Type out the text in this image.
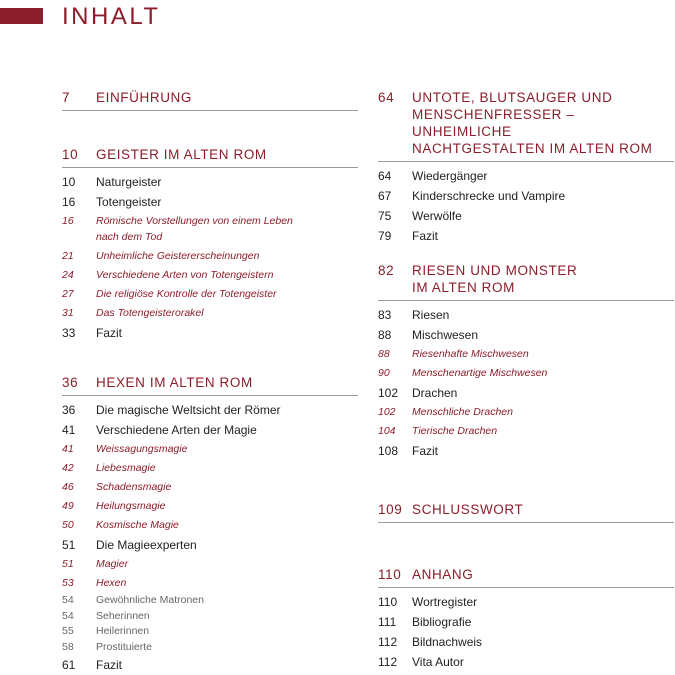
INHALT
7	EINFÜHRUNG
10	GEISTER IM ALTEN ROM
10	Naturgeister
16	Totengeister
16	Römische Vorstellungen von einem Leben
nach dem Tod
21	Unheimliche Geistererscheinungen
24	Verschiedene Arten von Totengeistern
27	Die religiöse Kontrolle der Totengeister
31	Das Totengeisterorakel
33	Fazit
36	HEXEN IM ALTEN ROM
36	Die magische Weltsicht der Römer
41	Verschiedene Arten der Magie
41	Weissagungsmagie
42	Liebesmagie
46	Schadensmagie
49	Heilungsmagie
50	Kosmische Magie
51	Die Magieexperten
51	Magier
53	Hexen
54	Gewöhnliche Matronen
54	Seherinnen
55	Heilerinnen
58	Prostituierte
61	Fazit
64	UNTOTE, BLUTSAUGER UND
MENSCHENFRESSER – UNHEIMLICHE
NACHTGESTALTEN IM ALTEN ROM
64	Wiedergänger
67	Kinderschrecke und Vampire
75	Werwölfe
79	Fazit
82	RIESEN UND MONSTER
IM ALTEN ROM
83	Riesen
88	Mischwesen
88	Riesenhafte Mischwesen
90	Menschenartige Mischwesen
102	Drachen
102	Menschliche Drachen
104	Tierische Drachen
108	Fazit
109 SCHLUSSWORT
110 ANHANG
110	Wortregister
111	Bibliografie
112	Bildnachweis
112	Vita Autor
